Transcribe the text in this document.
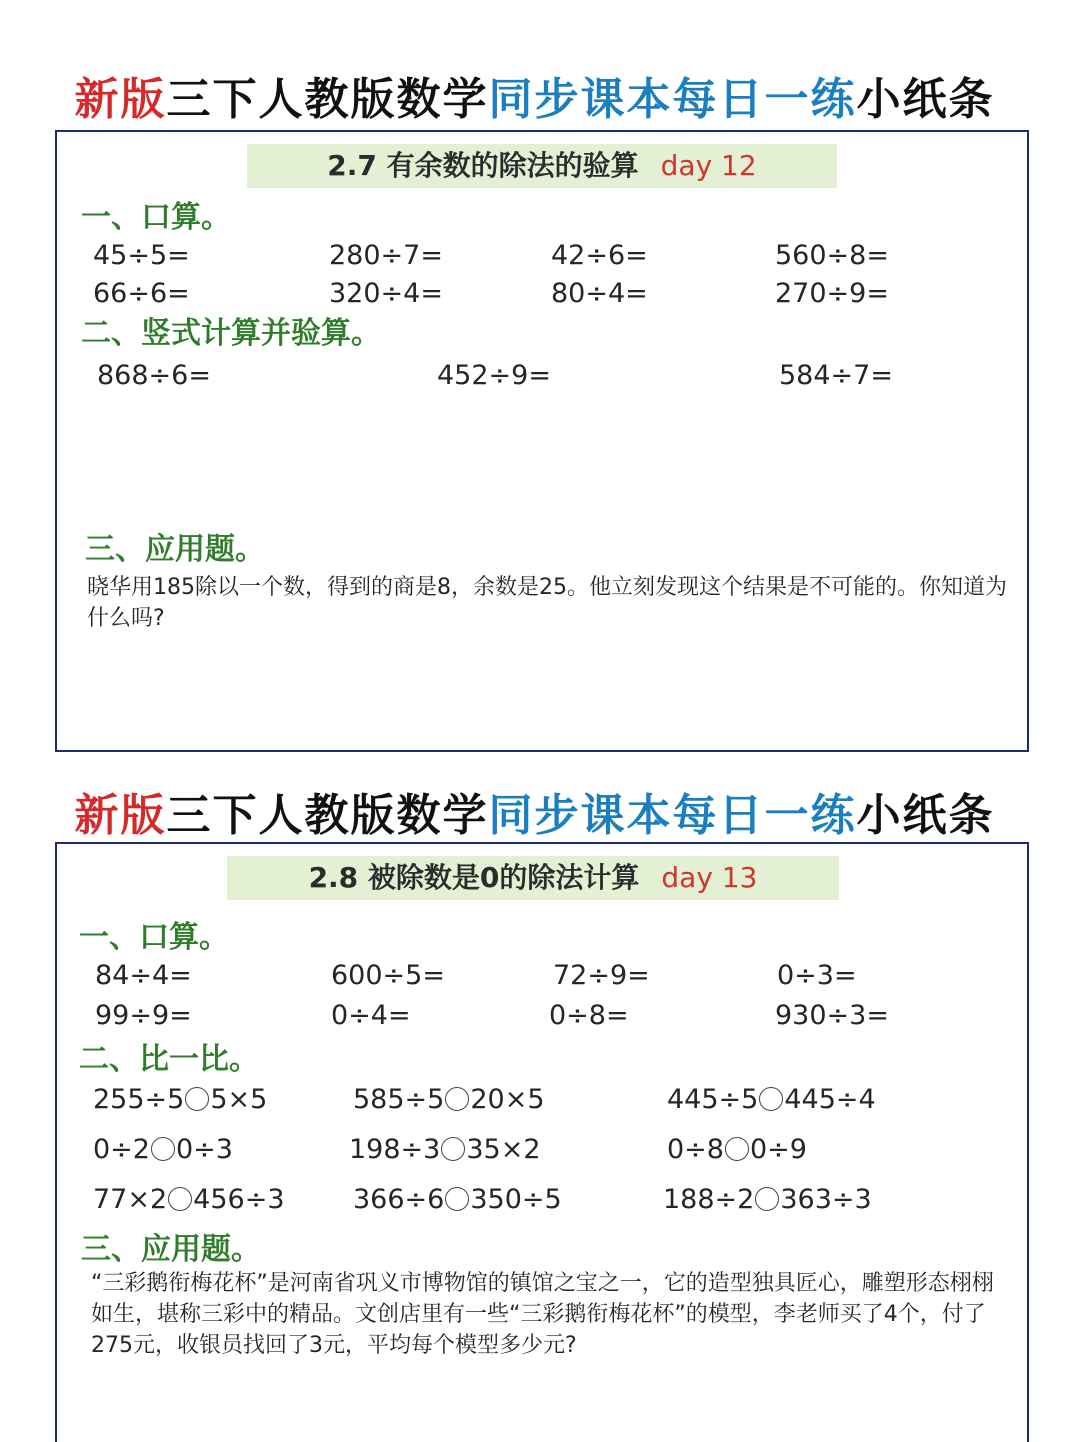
新版三下人教版数学同步课本每日一练小纸条
2.7 有余数的除法的验算 day 12
一、口算。
45÷5=	280÷7=	42÷6=	560÷8=
66÷6=	320÷4=	80÷4=	270÷9=
二、竖式计算并验算。
868÷6=	452÷9=	584÷7=
三、应用题。
晓华用185除以一个数，得到的商是8，余数是25。他立刻发现这个结果是不可能的。你知道为什么吗?
新版三下人教版数学同步课本每日一练小纸条
2.8 被除数是0的除法计算 day 13
一、口算。
84÷4=	600÷5=	72÷9=	0÷3=
99÷9=	0÷4=	0÷8=	930÷3=
二、比一比。
255÷5 5×5	585÷5 20×5	445÷5 445÷4
0÷2 0÷3	198÷3 35×2	0÷8 0÷9
77×2 456÷3	366÷6 350÷5	188÷2 363÷3
三、应用题。
“三彩鹅衔梅花杯”是河南省巩义市博物馆的镇馆之宝之一，它的造型独具匠心，雕塑形态栩栩如生，堪称三彩中的精品。文创店里有一些“三彩鹅衔梅花杯”的模型，李老师买了4个，付了275元，收银员找回了3元，平均每个模型多少元?
